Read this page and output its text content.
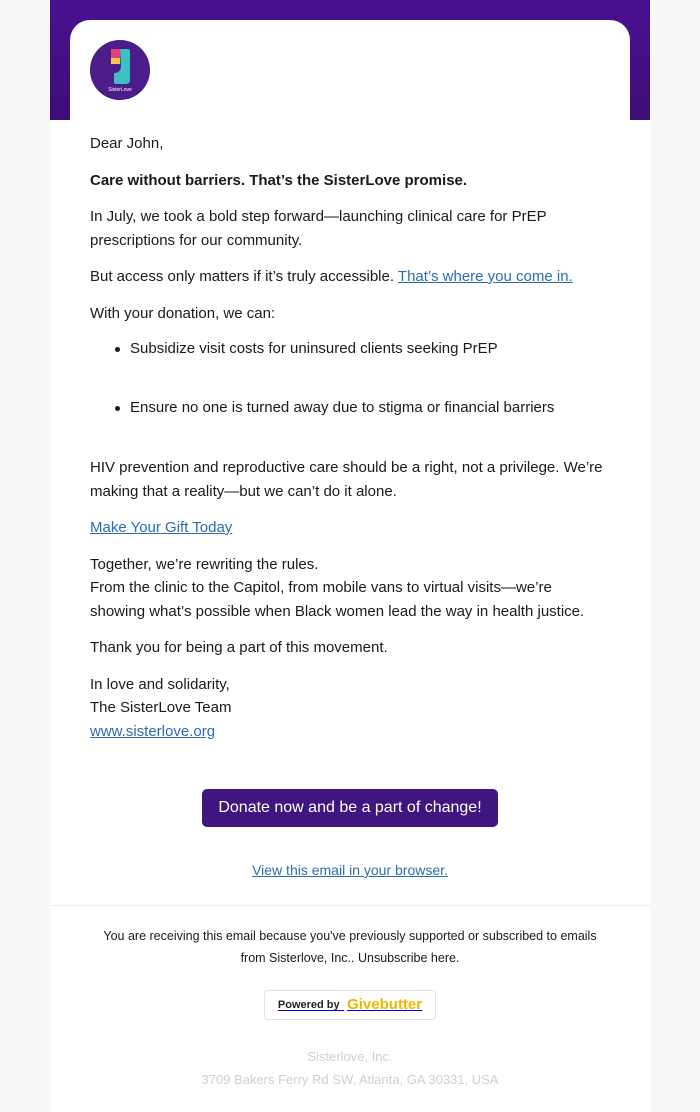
SisterLove

Dear John,

Care without barriers. That’s the SisterLove promise.

In July, we took a bold step forward—launching clinical care for PrEP prescriptions for our community.

But access only matters if it’s truly accessible. That’s where you come in.

With your donation, we can:

Subsidize visit costs for uninsured clients seeking PrEP
Ensure no one is turned away due to stigma or financial barriers

HIV prevention and reproductive care should be a right, not a privilege. We’re making that a reality—but we can’t do it alone.

Make Your Gift Today

Together, we’re rewriting the rules.
From the clinic to the Capitol, from mobile vans to virtual visits—we’re showing what’s possible when Black women lead the way in health justice.

Thank you for being a part of this movement.

In love and solidarity,
The SisterLove Team
www.sisterlove.org

Donate now and be a part of change!
View this email in your browser.
You are receiving this email because you've previously supported or subscribed to emails from Sisterlove, Inc.. Unsubscribe here.
Powered by Givebutter
Sisterlove, Inc.
3709 Bakers Ferry Rd SW, Atlanta, GA 30331, USA
